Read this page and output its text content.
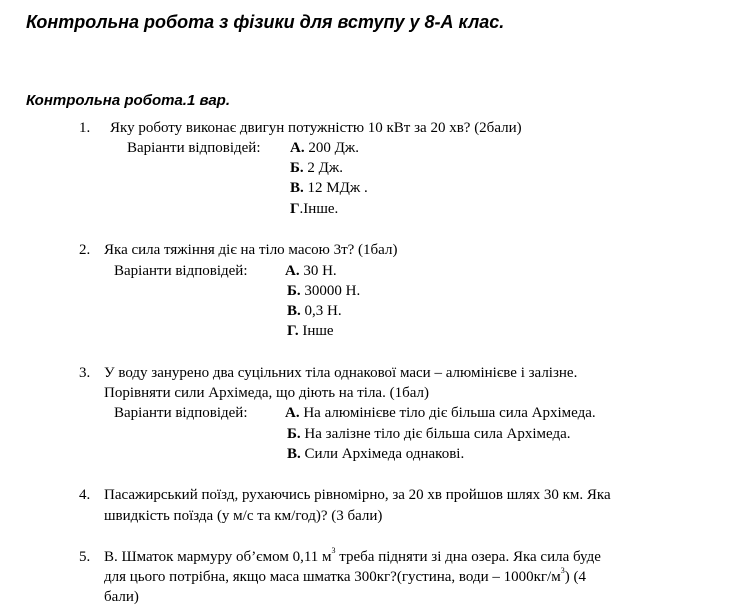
Контрольна робота з фізики для вступу у 8-А клас.
Контрольна робота.1 вар.
1. Яку роботу виконає двигун потужністю 10 кВт за 20 хв? (2бали)
Варіанти відповідей: А. 200 Дж.
Б. 2 Дж.
В. 12 МДж .
Г.Інше.
2. Яка сила тяжіння діє на тіло масою 3т? (1бал)
Варіанти відповідей:	А. 30 Н.
Б. 30000 Н.
В. 0,3 Н.
Г. Інше
3. У воду занурено два суцільних тіла однакової маси – алюмінієве і залізне.
Порівняти сили Архімеда, що діють на тіла. (1бал)
Варіанти відповідей:	А. На алюмінієве тіло діє більша сила Архімеда.
Б. На залізне тіло діє більша сила Архімеда.
В. Сили Архімеда однакові.
4. Пасажирський поїзд, рухаючись рівномірно, за 20 хв пройшов шлях 30 км. Яка
швидкість поїзда (у м/с та км/год)? (3 бали)
5. В. Шматок мармуру об’ємом 0,11 $м^3$ треба підняти зі дна озера. Яка сила буде
для цього потрібна, якщо маса шматка 300кг?(густина, води – $1000кг/м^3$) (4
бали)
